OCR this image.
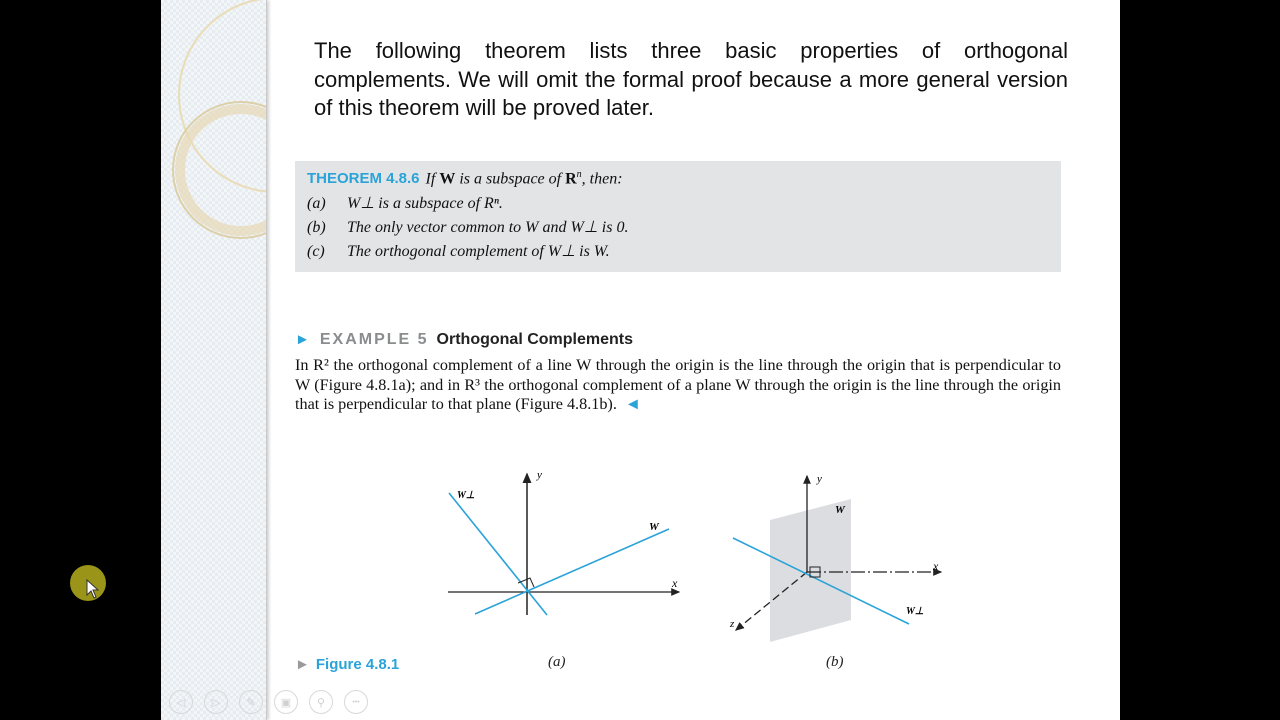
The following theorem lists three basic properties of orthogonal complements. We will omit the formal proof because a more general version of this theorem will be proved later.
THEOREM 4.8.6 If W is a subspace of $R^n$, then:
(a) W⊥ is a subspace of Rⁿ.
(b) The only vector common to W and W⊥ is 0.
(c) The orthogonal complement of W⊥ is W.
► EXAMPLE 5 Orthogonal Complements
In R² the orthogonal complement of a line W through the origin is the line through the origin that is perpendicular to W (Figure 4.8.1a); and in R³ the orthogonal complement of a plane W through the origin is the line through the origin that is perpendicular to that plane (Figure 4.8.1b). ◄
y
x
W
W⊥
y
x
z
W
W⊥
► Figure 4.8.1	(a)	(b)
◁ ▷ ✎ ▣ ⚲	•••
